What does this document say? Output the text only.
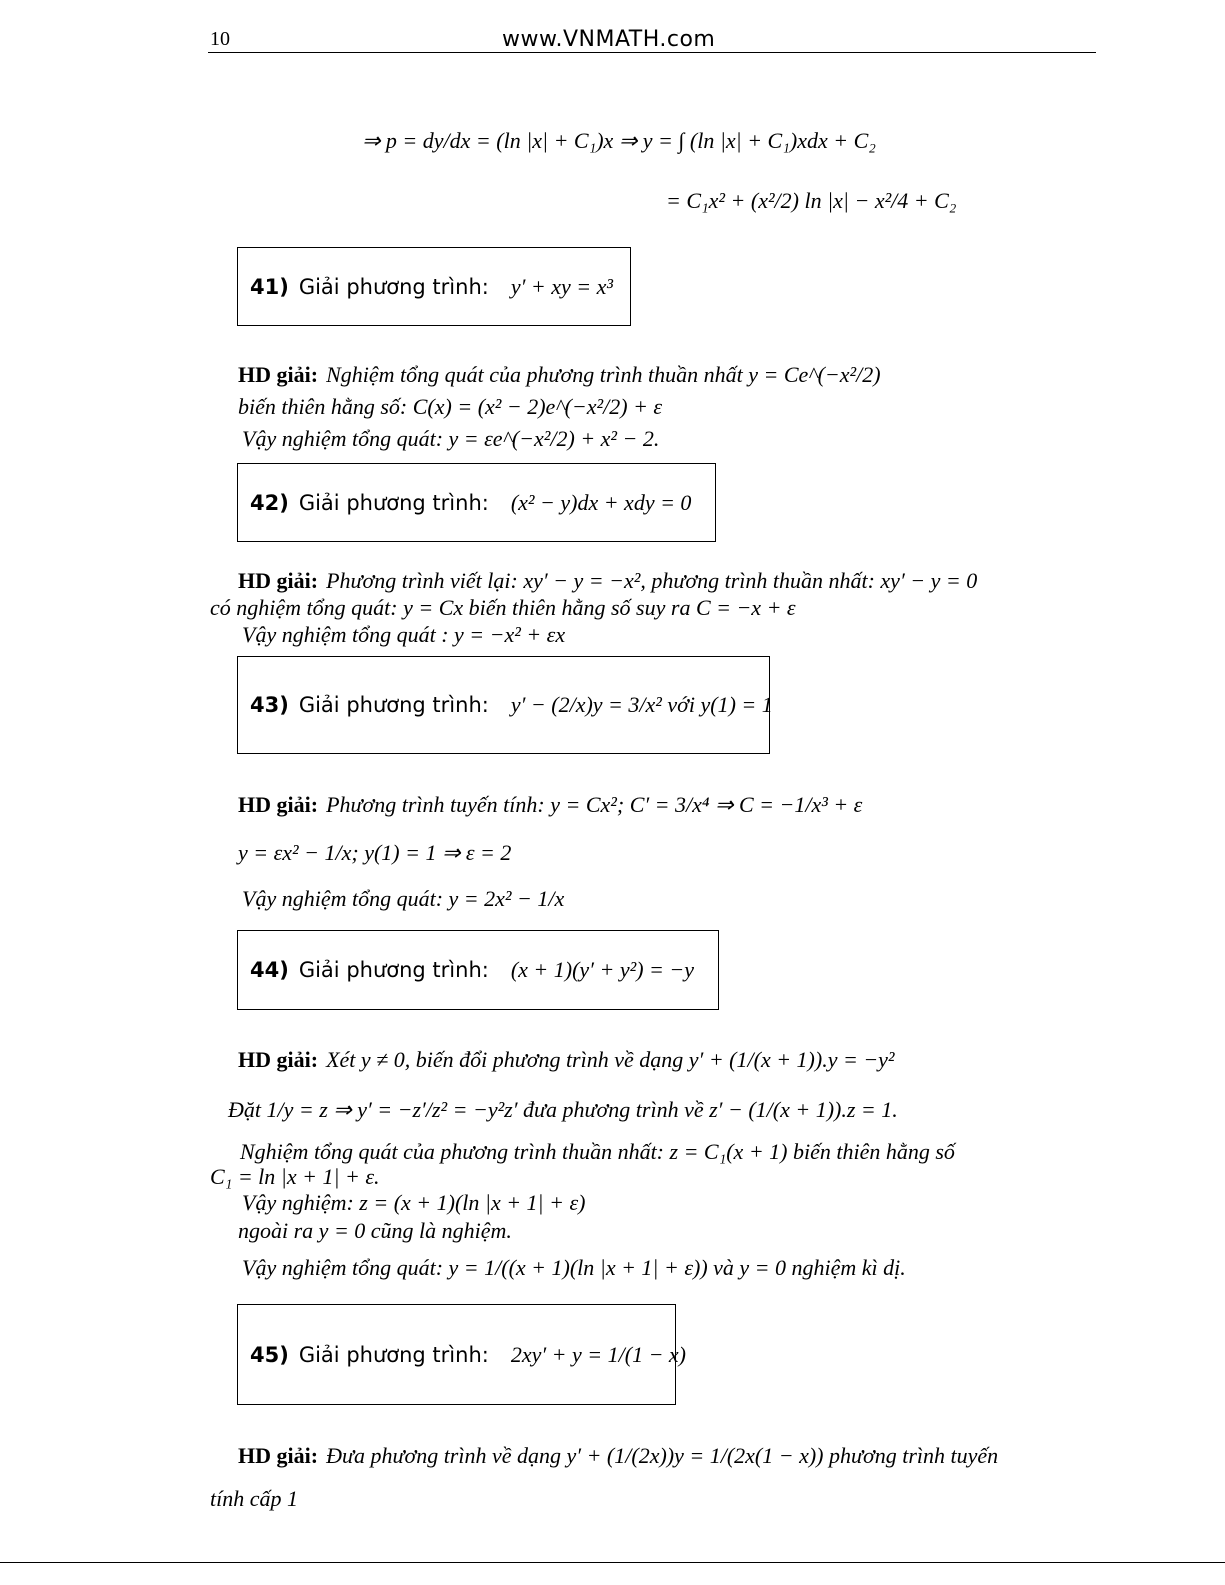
10	www.VNMATH.com
⇒ p = dy/dx = (ln |x| + C₁)x ⇒ y = ∫ (ln |x| + C₁)xdx + C₂
= C₁x² + (x²/2) ln |x| − x²/4 + C₂
41) Giải phương trình: y′ + xy = x³
HD giải: Nghiệm tổng quát của phương trình thuần nhất y = Ce^(−x²/2)
biến thiên hằng số: C(x) = (x² − 2)e^(−x²/2) + ε
Vậy nghiệm tổng quát: y = εe^(−x²/2) + x² − 2.
42) Giải phương trình: (x² − y)dx + xdy = 0
HD giải: Phương trình viết lại: xy′ − y = −x², phương trình thuần nhất: xy′ − y = 0
có nghiệm tổng quát: y = Cx biến thiên hằng số suy ra C = −x + ε
Vậy nghiệm tổng quát : y = −x² + εx
43) Giải phương trình: y′ − (2/x)y = 3/x² với y(1) = 1
HD giải: Phương trình tuyến tính: y = Cx²; C′ = 3/x⁴ ⇒ C = −1/x³ + ε
y = εx² − 1/x; y(1) = 1 ⇒ ε = 2
Vậy nghiệm tổng quát: y = 2x² − 1/x
44) Giải phương trình: (x + 1)(y′ + y²) = −y
HD giải: Xét y ≠ 0, biến đổi phương trình về dạng y′ + (1/(x + 1)).y = −y²
Đặt 1/y = z ⇒ y′ = −z′/z² = −y²z′ đưa phương trình về z′ − (1/(x + 1)).z = 1.
Nghiệm tổng quát của phương trình thuần nhất: z = C₁(x + 1) biến thiên hằng số
C₁ = ln |x + 1| + ε.
Vậy nghiệm: z = (x + 1)(ln |x + 1| + ε)
ngoài ra y = 0 cũng là nghiệm.
Vậy nghiệm tổng quát: y = 1/((x + 1)(ln |x + 1| + ε)) và y = 0 nghiệm kì dị.
45) Giải phương trình: 2xy′ + y = 1/(1 − x)
HD giải: Đưa phương trình về dạng y′ + (1/(2x))y = 1/(2x(1 − x)) phương trình tuyến
tính cấp 1
